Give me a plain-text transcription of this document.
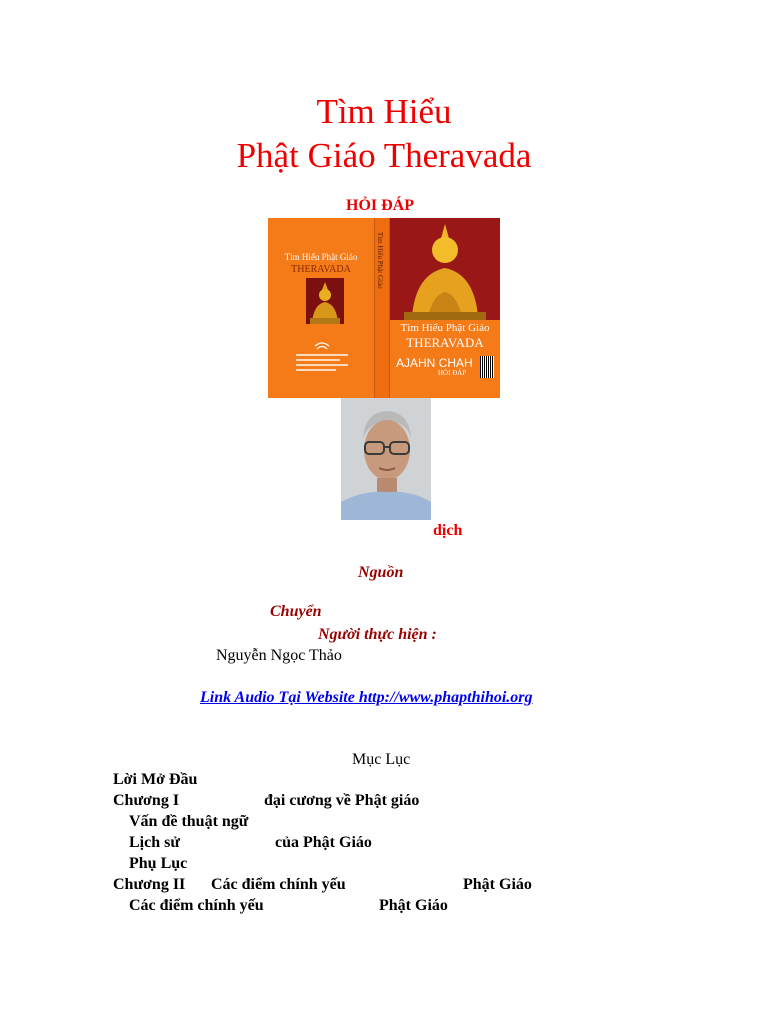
Tìm Hiểu
Phật Giáo Theravada
HỎI ĐÁP
Tìm Hiểu Phật Giáo
THERAVADA	Tìm Hiểu Phật Giáo
Tìm Hiểu Phật Giáo
THERAVADA
AJAHN CHAH
HỎI ĐÁP
dịch
Nguồn
Chuyển
Người thực hiện :
Nguyễn Ngọc Thảo
Link Audio Tại Website http://www.phapthihoi.org
Mục Lục
Lời Mở Đầu
Chương I	đại cương về Phật giáo
Vấn đề thuật ngữ
Lịch sử	của Phật Giáo
Phụ Lục
Chương II Các điểm chính yếu	Phật Giáo
Các điểm chính yếu	Phật Giáo
